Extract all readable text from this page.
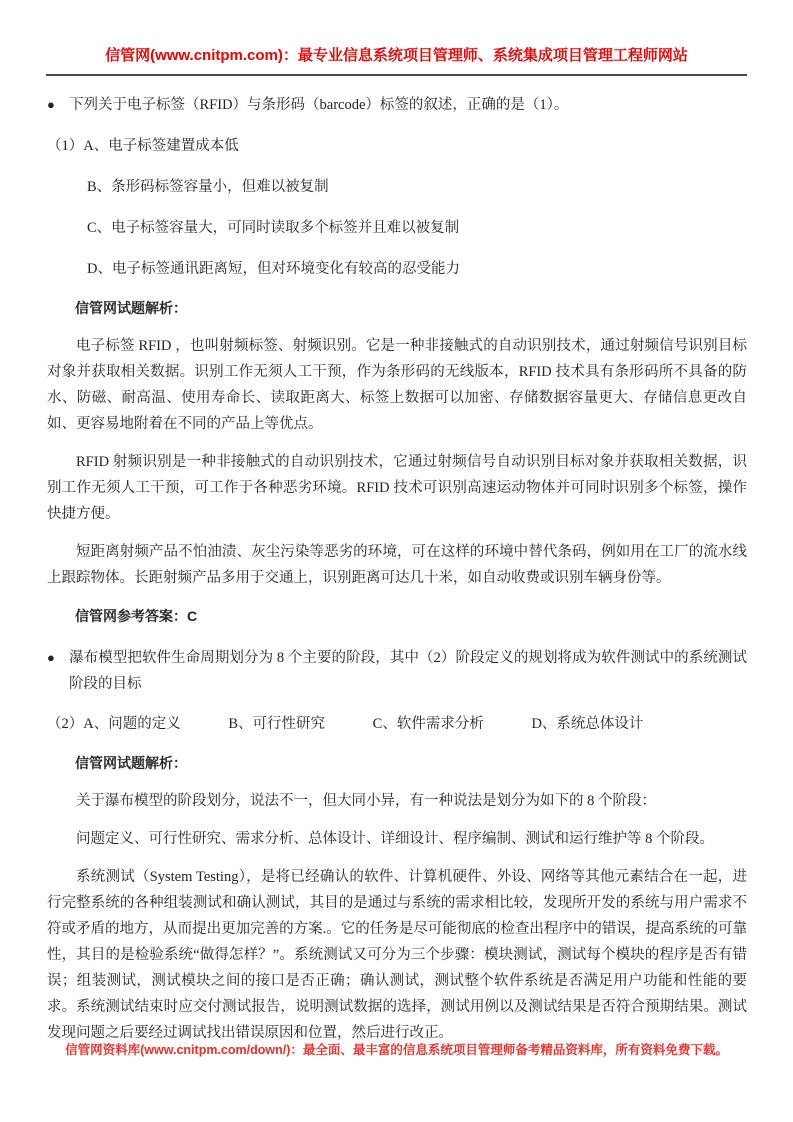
信管网(www.cnitpm.com)：最专业信息系统项目管理师、系统集成项目管理工程师网站
● 下列关于电子标签（RFID）与条形码（barcode）标签的叙述，正确的是（1）。
（1）A、电子标签建置成本低
B、条形码标签容量小，但难以被复制
C、电子标签容量大，可同时读取多个标签并且难以被复制
D、电子标签通讯距离短，但对环境变化有较高的忍受能力
信管网试题解析：
电子标签 RFID ，也叫射频标签、射频识别。它是一种非接触式的自动识别技术，通过射频信号识别目标对象并获取相关数据。识别工作无须人工干预，作为条形码的无线版本，RFID 技术具有条形码所不具备的防水、防磁、耐高温、使用寿命长、读取距离大、标签上数据可以加密、存储数据容量更大、存储信息更改自如、更容易地附着在不同的产品上等优点。
RFID 射频识别是一种非接触式的自动识别技术，它通过射频信号自动识别目标对象并获取相关数据，识别工作无须人工干预，可工作于各种恶劣环境。RFID 技术可识别高速运动物体并可同时识别多个标签，操作快捷方便。
短距离射频产品不怕油渍、灰尘污染等恶劣的环境，可在这样的环境中替代条码，例如用在工厂的流水线上跟踪物体。长距射频产品多用于交通上，识别距离可达几十米，如自动收费或识别车辆身份等。
信管网参考答案：C
● 瀑布模型把软件生命周期划分为 8 个主要的阶段，其中（2）阶段定义的规划将成为软件测试中的系统测试阶段的目标
（2）A、问题的定义	B、可行性研究	C、软件需求分析	D、系统总体设计
信管网试题解析：
关于瀑布模型的阶段划分，说法不一，但大同小异，有一种说法是划分为如下的 8 个阶段：
问题定义、可行性研究、需求分析、总体设计、详细设计、程序编制、测试和运行维护等 8 个阶段。
系统测试（System Testing），是将已经确认的软件、计算机硬件、外设、网络等其他元素结合在一起，进行完整系统的各种组装测试和确认测试，其目的是通过与系统的需求相比较，发现所开发的系统与用户需求不符或矛盾的地方，从而提出更加完善的方案.。它的任务是尽可能彻底的检查出程序中的错误，提高系统的可靠性，其目的是检验系统“做得怎样？”。系统测试又可分为三个步骤：模块测试，测试每个模块的程序是否有错误；组装测试，测试模块之间的接口是否正确；确认测试，测试整个软件系统是否满足用户功能和性能的要求。系统测试结束时应交付测试报告，说明测试数据的选择，测试用例以及测试结果是否符合预期结果。测试发现问题之后要经过调试找出错误原因和位置，然后进行改正。
信管网资料库(www.cnitpm.com/down/)：最全面、最丰富的信息系统项目管理师备考精品资料库，所有资料免费下载。
